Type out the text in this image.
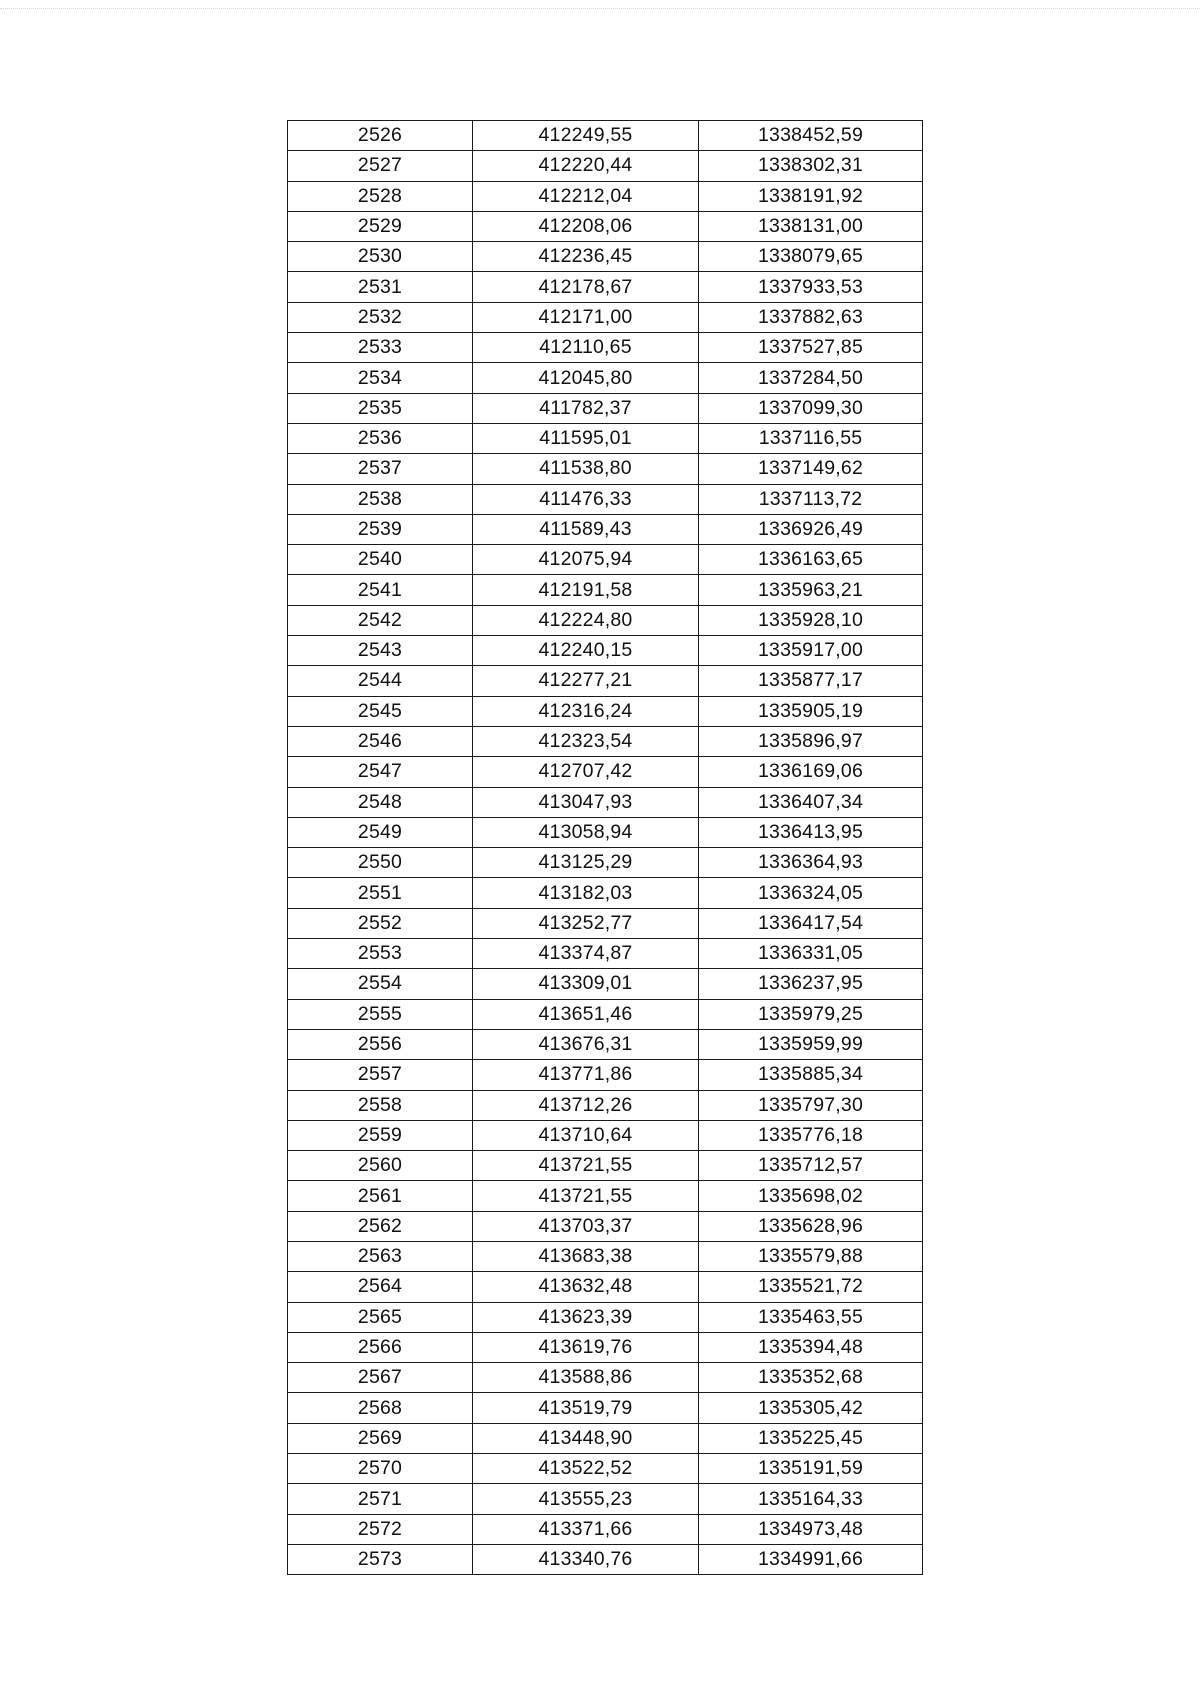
2526	412249,55	1338452,59
2527	412220,44	1338302,31
2528	412212,04	1338191,92
2529	412208,06	1338131,00
2530	412236,45	1338079,65
2531	412178,67	1337933,53
2532	412171,00	1337882,63
2533	412110,65	1337527,85
2534	412045,80	1337284,50
2535	411782,37	1337099,30
2536	411595,01	1337116,55
2537	411538,80	1337149,62
2538	411476,33	1337113,72
2539	411589,43	1336926,49
2540	412075,94	1336163,65
2541	412191,58	1335963,21
2542	412224,80	1335928,10
2543	412240,15	1335917,00
2544	412277,21	1335877,17
2545	412316,24	1335905,19
2546	412323,54	1335896,97
2547	412707,42	1336169,06
2548	413047,93	1336407,34
2549	413058,94	1336413,95
2550	413125,29	1336364,93
2551	413182,03	1336324,05
2552	413252,77	1336417,54
2553	413374,87	1336331,05
2554	413309,01	1336237,95
2555	413651,46	1335979,25
2556	413676,31	1335959,99
2557	413771,86	1335885,34
2558	413712,26	1335797,30
2559	413710,64	1335776,18
2560	413721,55	1335712,57
2561	413721,55	1335698,02
2562	413703,37	1335628,96
2563	413683,38	1335579,88
2564	413632,48	1335521,72
2565	413623,39	1335463,55
2566	413619,76	1335394,48
2567	413588,86	1335352,68
2568	413519,79	1335305,42
2569	413448,90	1335225,45
2570	413522,52	1335191,59
2571	413555,23	1335164,33
2572	413371,66	1334973,48
2573	413340,76	1334991,66
